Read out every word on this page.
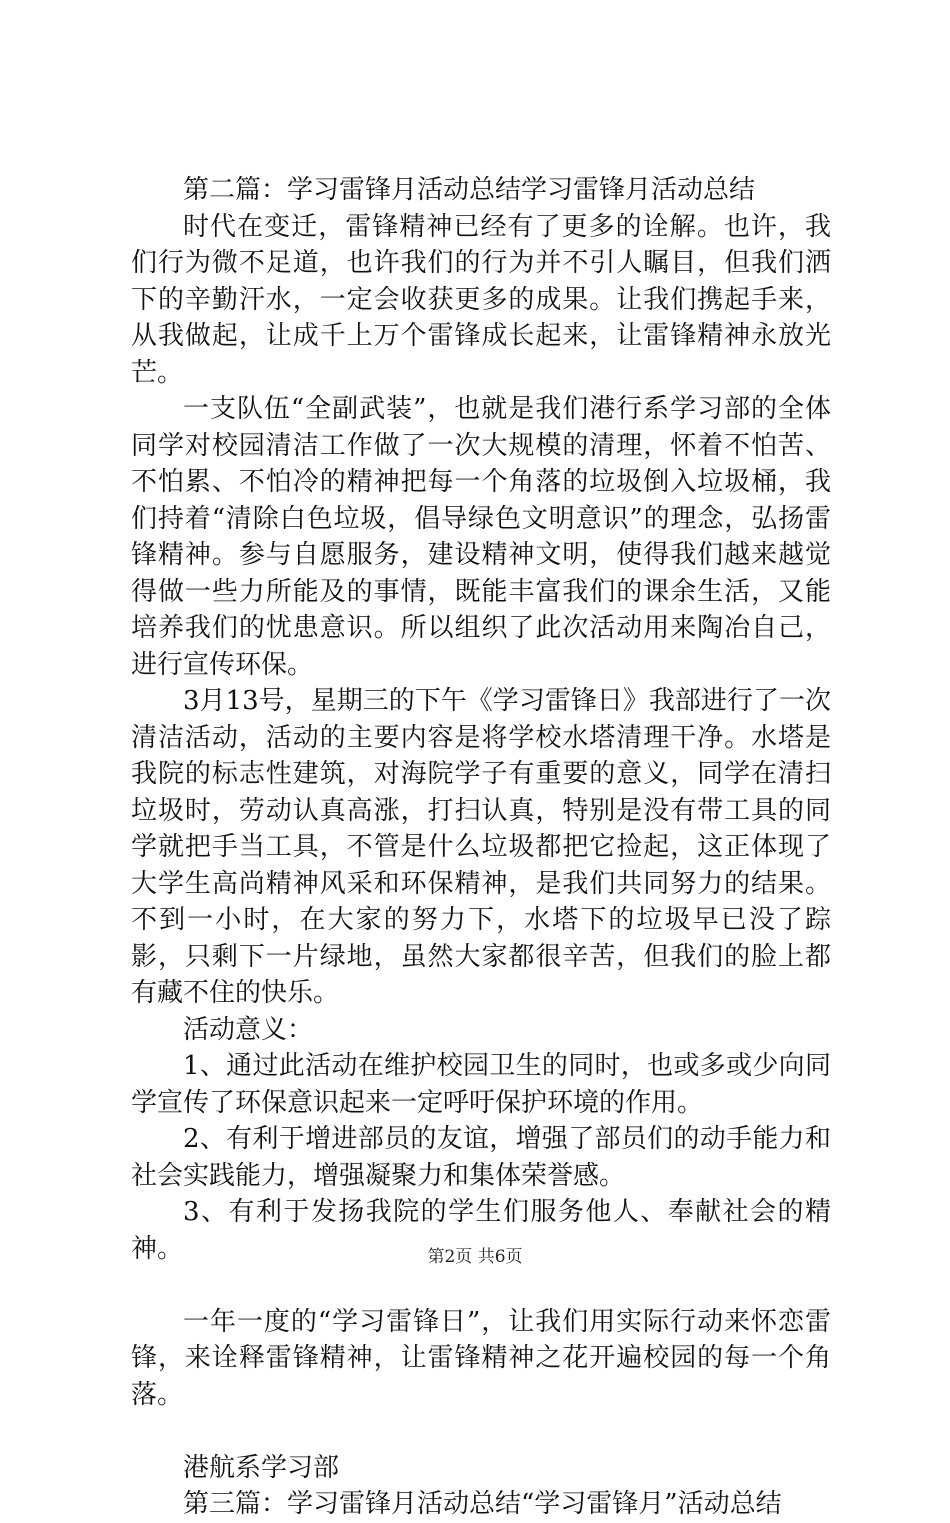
第二篇：学习雷锋月活动总结学习雷锋月活动总结

时代在变迁，雷锋精神已经有了更多的诠解。也许，我们行为微不足道，也许我们的行为并不引人瞩目，但我们洒下的辛勤汗水，一定会收获更多的成果。让我们携起手来，从我做起，让成千上万个雷锋成长起来，让雷锋精神永放光芒。

一支队伍“全副武装”，也就是我们港行系学习部的全体同学对校园清洁工作做了一次大规模的清理，怀着不怕苦、不怕累、不怕冷的精神把每一个角落的垃圾倒入垃圾桶，我们持着“清除白色垃圾，倡导绿色文明意识”的理念，弘扬雷锋精神。参与自愿服务，建设精神文明，使得我们越来越觉得做一些力所能及的事情，既能丰富我们的课余生活，又能培养我们的忧患意识。所以组织了此次活动用来陶冶自己，进行宣传环保。

3月13号，星期三的下午《学习雷锋日》我部进行了一次清洁活动，活动的主要内容是将学校水塔清理干净。水塔是我院的标志性建筑，对海院学子有重要的意义，同学在清扫垃圾时，劳动认真高涨，打扫认真，特别是没有带工具的同学就把手当工具，不管是什么垃圾都把它捡起，这正体现了大学生高尚精神风采和环保精神，是我们共同努力的结果。不到一小时，在大家的努力下，水塔下的垃圾早已没了踪影，只剩下一片绿地，虽然大家都很辛苦，但我们的脸上都有藏不住的快乐。

活动意义：

1、通过此活动在维护校园卫生的同时，也或多或少向同学宣传了环保意识起来一定呼吁保护环境的作用。

2、有利于增进部员的友谊，增强了部员们的动手能力和社会实践能力，增强凝聚力和集体荣誉感。

3、有利于发扬我院的学生们服务他人、奉献社会的精神。

一年一度的“学习雷锋日”，让我们用实际行动来怀恋雷锋，来诠释雷锋精神，让雷锋精神之花开遍校园的每一个角落。

港航系学习部

第三篇：学习雷锋月活动总结“学习雷锋月”活动总结

第2页 共6页
